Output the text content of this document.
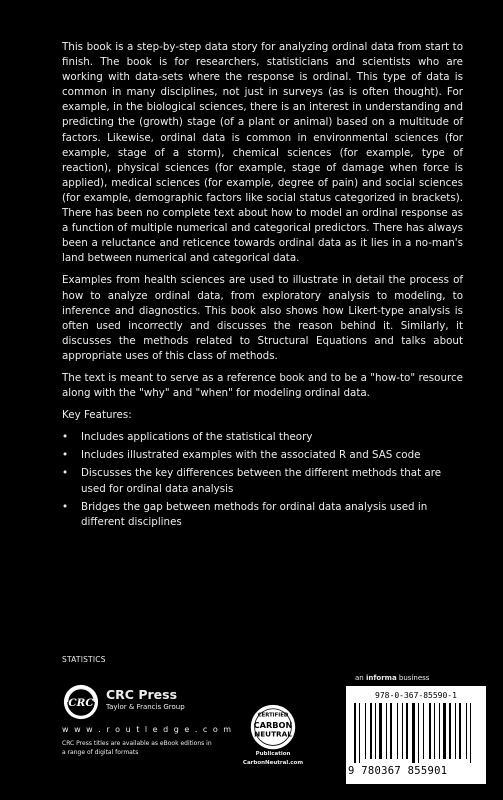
This book is a step-by-step data story for analyzing ordinal data from start to finish. The book is for researchers, statisticians and scientists who are working with data-sets where the response is ordinal. This type of data is common in many disciplines, not just in surveys (as is often thought). For example, in the biological sciences, there is an interest in understanding and predicting the (growth) stage (of a plant or animal) based on a multitude of factors. Likewise, ordinal data is common in environmental sciences (for example, stage of a storm), chemical sciences (for example, type of reaction), physical sciences (for example, stage of damage when force is applied), medical sciences (for example, degree of pain) and social sciences (for example, demographic factors like social status categorized in brackets). There has been no complete text about how to model an ordinal response as a function of multiple numerical and categorical predictors. There has always been a reluctance and reticence towards ordinal data as it lies in a no-man's land between numerical and categorical data.

Examples from health sciences are used to illustrate in detail the process of how to analyze ordinal data, from exploratory analysis to modeling, to inference and diagnostics. This book also shows how Likert-type analysis is often used incorrectly and discusses the reason behind it. Similarly, it discusses the methods related to Structural Equations and talks about appropriate uses of this class of methods.

The text is meant to serve as a reference book and to be a "how-to" resource along with the "why" and "when" for modeling ordinal data.

Key Features:

• Includes applications of the statistical theory
• Includes illustrated examples with the associated R and SAS code
• Discusses the key differences between the different methods that are used for ordinal data analysis
• Bridges the gap between methods for ordinal data analysis used in different disciplines
STATISTICS
CRC
CRC Press
Taylor & Francis Group
w w w . r o u t l e d g e . c o m
CRC Press titles are available as eBook editions in a range of digital formats
CERTIFIED
CARBON
NEUTRAL
Publication
CarbonNeutral.com
an informa business
978-0-367-85590-1
9 780367 855901
